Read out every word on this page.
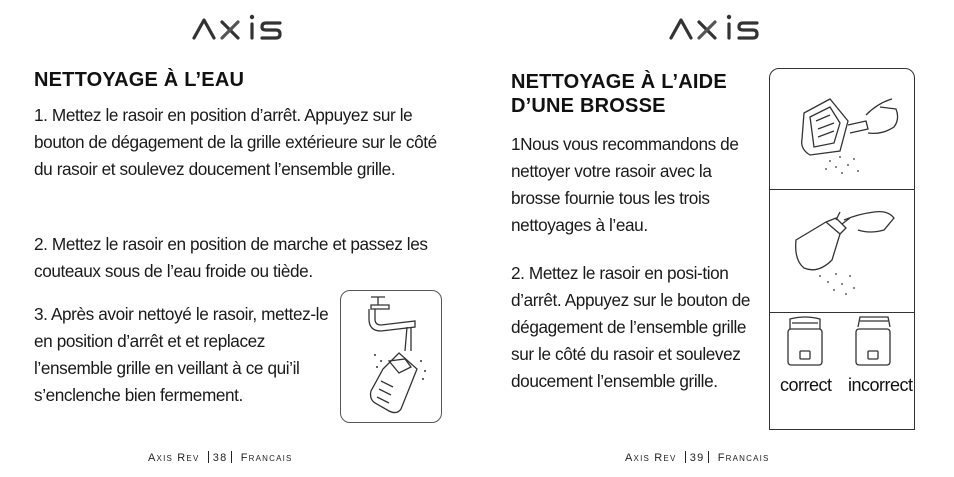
NETTOYAGE À L’EAU

1. Mettez le rasoir en position d’arrêt. Appuyez sur le bouton de dégagement de la grille extérieure sur le côté du rasoir et soulevez doucement l’ensemble grille.

2. Mettez le rasoir en position de marche et passez les couteaux sous de l’eau froide ou tiède.

3. Après avoir nettoyé le rasoir, mettez-le en position d’arrêt et et replacez l’ensemble grille en veillant à ce qui’il s’enclenche bien fermement.

Axis Rev 38 Francais
NETTOYAGE À L’AIDE D’UNE BROSSE

1Nous vous recommandons de nettoyer votre rasoir avec la brosse fournie tous les trois nettoyages à l’eau.

2. Mettez le rasoir en posi-tion d’arrêt. Appuyez sur le bouton de dégagement de l’ensemble grille sur le côté du rasoir et soulevez doucement l’ensemble grille.	correct incorrect
Axis Rev 39 Francais
